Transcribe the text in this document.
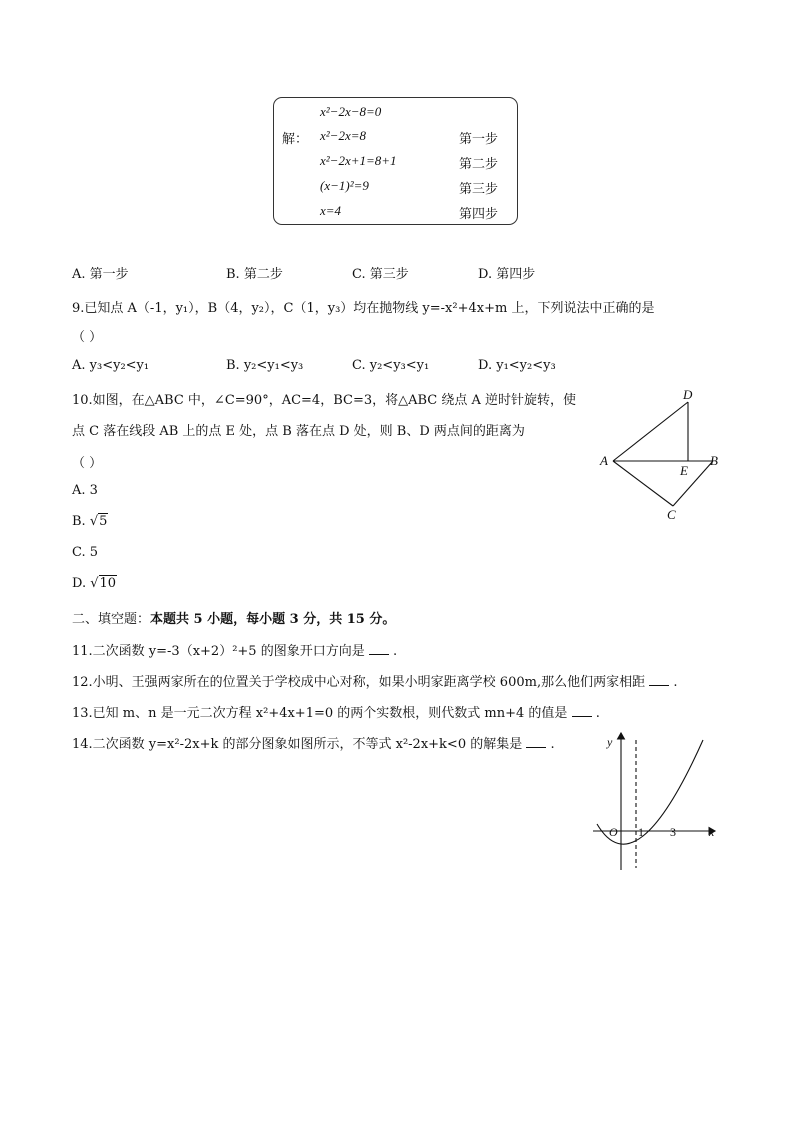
解：
x²−2x−8=0
x²−2x=8	第一步
x²−2x+1=8+1	第二步
(x−1)²=9	第三步
x=4	第四步
A. 第一步	B. 第二步	C. 第三步	D. 第四步
9.已知点 A（-1，y₁），B（4，y₂），C（1，y₃）均在抛物线 y=-x²+4x+m 上，下列说法中正确的是
（ ）
A. y₃<y₂<y₁	B. y₂<y₁<y₃	C. y₂<y₃<y₁	D. y₁<y₂<y₃
10.如图，在△ABC 中，∠C=90°，AC=4，BC=3，将△ABC 绕点 A 逆时针旋转，使
点 C 落在线段 AB 上的点 E 处，点 B 落在点 D 处，则 B、D 两点间的距离为
（ ）
A. 3
B. √5
C. 5
D. √10
D
A
E
B
C
二、填空题：本题共 5 小题，每小题 3 分，共 15 分。
11.二次函数 y=-3（x+2）²+5 的图象开口方向是 .
12.小明、王强两家所在的位置关于学校成中心对称，如果小明家距离学校 600m,那么他们两家相距 .
13.已知 m、n 是一元二次方程 x²+4x+1=0 的两个实数根，则代数式 mn+4 的值是 .
14.二次函数 y=x²-2x+k 的部分图象如图所示，不等式 x²-2x+k<0 的解集是 .	y
x
O 1 3
